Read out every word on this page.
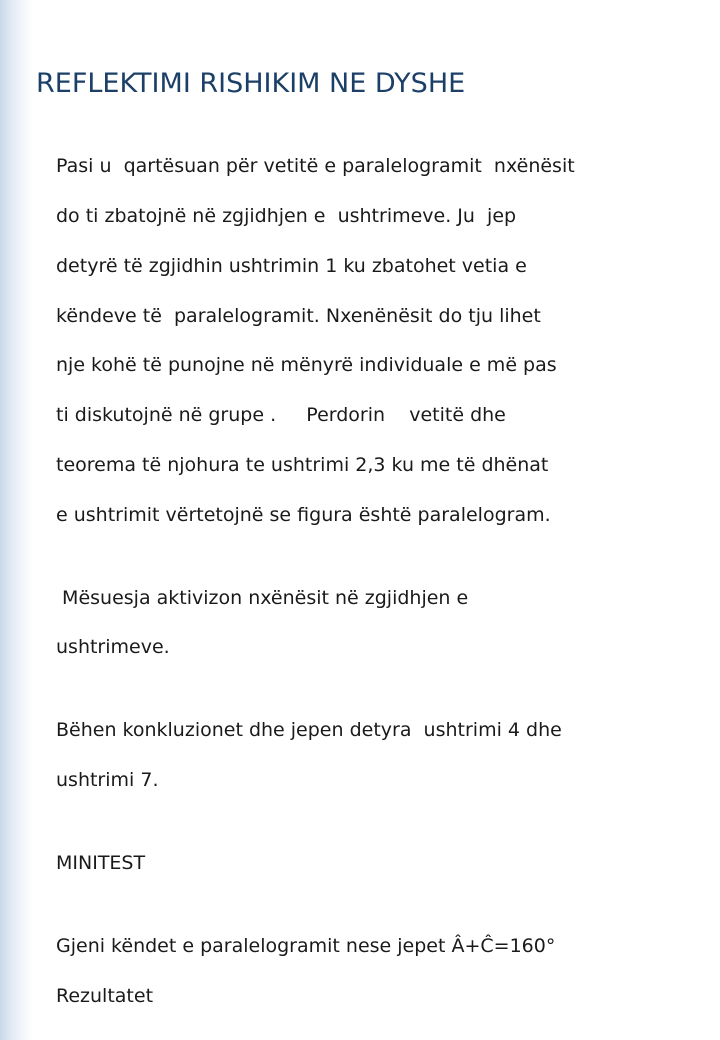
REFLEKTIMI RISHIKIM NE DYSHE

Pasi u  qartësuan për vetitë e paralelogramit  nxënësit

do ti zbatojnë në zgjidhjen e  ushtrimeve. Ju  jep

detyrë të zgjidhin ushtrimin 1 ku zbatohet vetia e

këndeve të  paralelogramit. Nxenënësit do tju lihet

nje kohë të punojne në mënyrë individuale e më pas

ti diskutojnë në grupe .     Perdorin    vetitë dhe

teorema të njohura te ushtrimi 2,3 ku me të dhënat

e ushtrimit vërtetojnë se figura është paralelogram.

Mësuesja aktivizon nxënësit në zgjidhjen e

ushtrimeve.

Bëhen konkluzionet dhe jepen detyra  ushtrimi 4 dhe

ushtrimi 7.

MINITEST

Gjeni këndet e paralelogramit nese jepet Â+Ĉ=160°

Rezultatet
